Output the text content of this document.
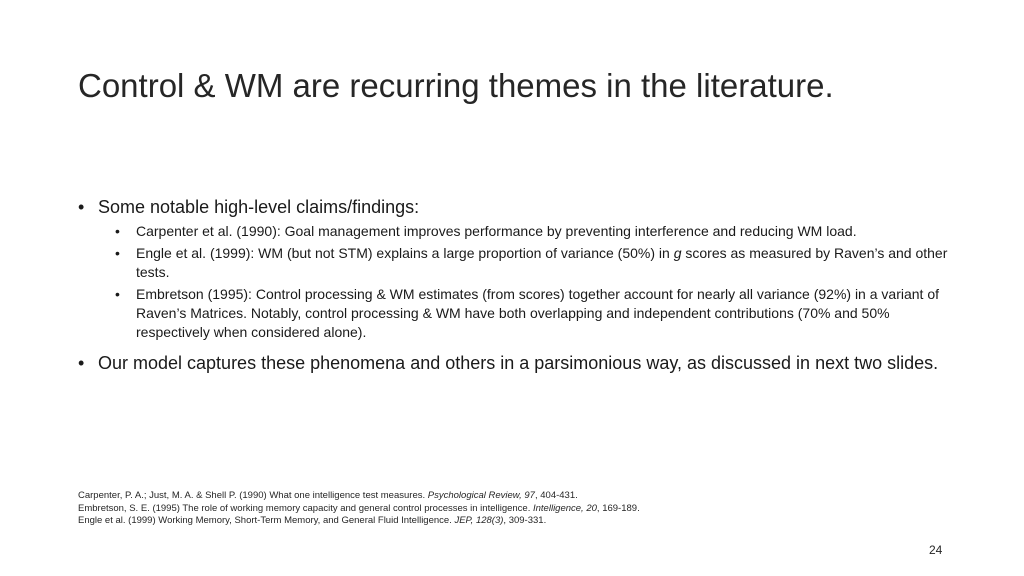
Control & WM are recurring themes in the literature.
• Some notable high-level claims/findings:
• Carpenter et al. (1990): Goal management improves performance by preventing interference and reducing WM load.
• Engle et al. (1999): WM (but not STM) explains a large proportion of variance (50%) in g scores as measured by Raven’s and other tests.
• Embretson (1995): Control processing & WM estimates (from scores) together account for nearly all variance (92%) in a variant of Raven’s Matrices. Notably, control processing & WM have both overlapping and independent contributions (70% and 50% respectively when considered alone).
• Our model captures these phenomena and others in a parsimonious way, as discussed in next two slides.
Carpenter, P. A.; Just, M. A. & Shell P. (1990) What one intelligence test measures. Psychological Review, 97, 404-431.
Embretson, S. E. (1995) The role of working memory capacity and general control processes in intelligence. Intelligence, 20, 169-189.
Engle et al. (1999) Working Memory, Short-Term Memory, and General Fluid Intelligence. JEP, 128(3), 309-331.
24
